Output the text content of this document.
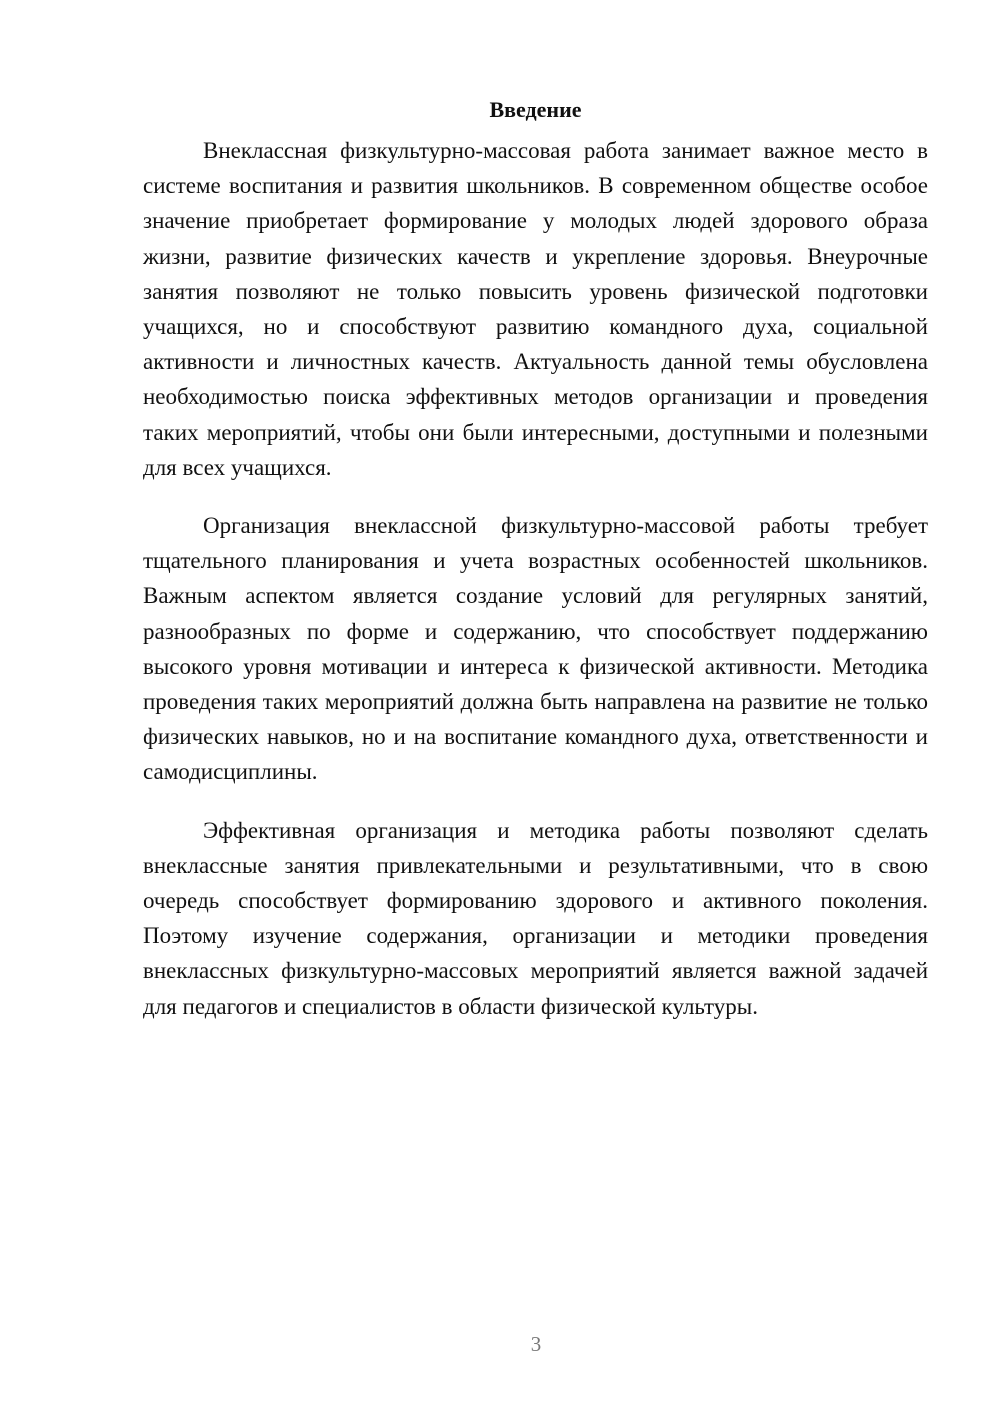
Введение

Внеклассная физкультурно-массовая работа занимает важное место в системе воспитания и развития школьников. В современном обществе особое значение приобретает формирование у молодых людей здорового образа жизни, развитие физических качеств и укрепление здоровья. Внеурочные занятия позволяют не только повысить уровень физической подготовки учащихся, но и способствуют развитию командного духа, социальной активности и личностных качеств. Актуальность данной темы обусловлена необходимостью поиска эффективных методов организации и проведения таких мероприятий, чтобы они были интересными, доступными и полезными для всех учащихся.

Организация внеклассной физкультурно-массовой работы требует тщательного планирования и учета возрастных особенностей школьников. Важным аспектом является создание условий для регулярных занятий, разнообразных по форме и содержанию, что способствует поддержанию высокого уровня мотивации и интереса к физической активности. Методика проведения таких мероприятий должна быть направлена на развитие не только физических навыков, но и на воспитание командного духа, ответственности и самодисциплины.

Эффективная организация и методика работы позволяют сделать внеклассные занятия привлекательными и результативными, что в свою очередь способствует формированию здорового и активного поколения. Поэтому изучение содержания, организации и методики проведения внеклассных физкультурно-массовых мероприятий является важной задачей для педагогов и специалистов в области физической культуры.

3
